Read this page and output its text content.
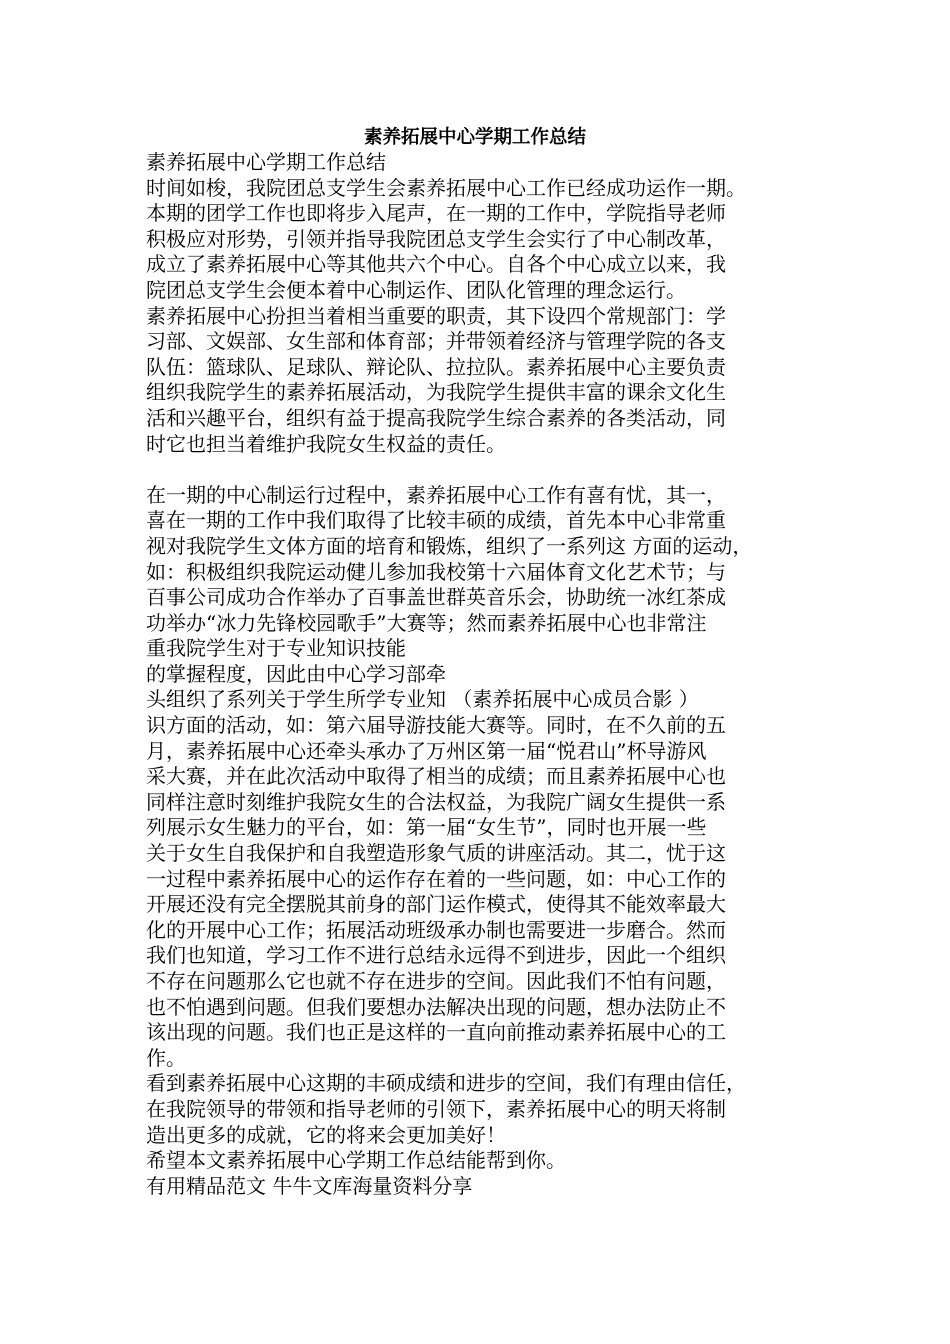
素养拓展中心学期工作总结
素养拓展中心学期工作总结
时间如梭，我院团总支学生会素养拓展中心工作已经成功运作一期。
本期的团学工作也即将步入尾声，在一期的工作中，学院指导老师
积极应对形势，引领并指导我院团总支学生会实行了中心制改革，
成立了素养拓展中心等其他共六个中心。自各个中心成立以来，我
院团总支学生会便本着中心制运作、团队化管理的理念运行。
素养拓展中心扮担当着相当重要的职责，其下设四个常规部门：学
习部、文娱部、女生部和体育部；并带领着经济与管理学院的各支
队伍：篮球队、足球队、辩论队、拉拉队。素养拓展中心主要负责
组织我院学生的素养拓展活动，为我院学生提供丰富的课余文化生
活和兴趣平台，组织有益于提高我院学生综合素养的各类活动，同
时它也担当着维护我院女生权益的责任。
在一期的中心制运行过程中，素养拓展中心工作有喜有忧，其一，
喜在一期的工作中我们取得了比较丰硕的成绩，首先本中心非常重
视对我院学生文体方面的培育和锻炼，组织了一系列这 方面的运动，
如：积极组织我院运动健儿参加我校第十六届体育文化艺术节；与
百事公司成功合作举办了百事盖世群英音乐会，协助统一冰红茶成
功举办“冰力先锋校园歌手”大赛等；然而素养拓展中心也非常注
重我院学生对于专业知识技能
的掌握程度，因此由中心学习部牵
头组织了系列关于学生所学专业知 （素养拓展中心成员合影 ）
识方面的活动，如：第六届导游技能大赛等。同时，在不久前的五
月，素养拓展中心还牵头承办了万州区第一届“悦君山”杯导游风
采大赛，并在此次活动中取得了相当的成绩；而且素养拓展中心也
同样注意时刻维护我院女生的合法权益，为我院广阔女生提供一系
列展示女生魅力的平台，如：第一届“女生节”，同时也开展一些
关于女生自我保护和自我塑造形象气质的讲座活动。其二，忧于这
一过程中素养拓展中心的运作存在着的一些问题，如：中心工作的
开展还没有完全摆脱其前身的部门运作模式，使得其不能效率最大
化的开展中心工作；拓展活动班级承办制也需要进一步磨合。然而
我们也知道，学习工作不进行总结永远得不到进步，因此一个组织
不存在问题那么它也就不存在进步的空间。因此我们不怕有问题，
也不怕遇到问题。但我们要想办法解决出现的问题，想办法防止不
该出现的问题。我们也正是这样的一直向前推动素养拓展中心的工
作。
看到素养拓展中心这期的丰硕成绩和进步的空间，我们有理由信任，
在我院领导的带领和指导老师的引领下，素养拓展中心的明天将制
造出更多的成就，它的将来会更加美好！
希望本文素养拓展中心学期工作总结能帮到你。
有用精品范文 牛牛文库海量资料分享
